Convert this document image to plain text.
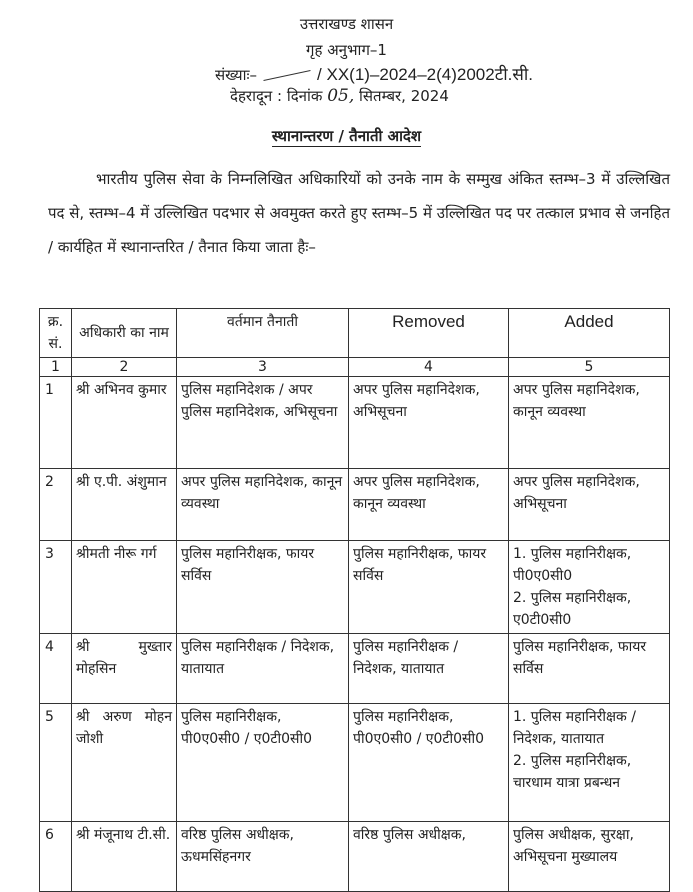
उत्तराखण्ड शासन
गृह अनुभाग–1
संख्याः–	/ XX(1)–2024–2(4)2002टी.सी.
देहरादून : दिनांक 05, सितम्बर, 2024
स्थानान्तरण / तैनाती आदेश
भारतीय पुलिस सेवा के निम्नलिखित अधिकारियों को उनके नाम के सम्मुख अंकित स्तम्भ–3 में उल्लिखित पद से, स्तम्भ–4 में उल्लिखित पदभार से अवमुक्त करते हुए स्तम्भ–5 में उल्लिखित पद पर तत्काल प्रभाव से जनहित / कार्यहित में स्थानान्तरित / तैनात किया जाता हैः–
क्र. सं.	अधिकारी का नाम	वर्तमान तैनाती	Removed	Added
1	2	3	4	5
1	श्री अभिनव कुमार	पुलिस महानिदेशक / अपर पुलिस महानिदेशक, अभिसूचना	अपर पुलिस महानिदेशक, अभिसूचना	अपर पुलिस महानिदेशक, कानून व्यवस्था
2	श्री ए.पी. अंशुमान	अपर पुलिस महानिदेशक, कानून व्यवस्था	अपर पुलिस महानिदेशक, कानून व्यवस्था	अपर पुलिस महानिदेशक, अभिसूचना
3	श्रीमती नीरू गर्ग	पुलिस महानिरीक्षक, फायर सर्विस	पुलिस महानिरीक्षक, फायर सर्विस	1. पुलिस महानिरीक्षक, पी0ए0सी0
2. पुलिस महानिरीक्षक, ए0टी0सी0

4	श्री मुख्तार मोहसिन	पुलिस महानिरीक्षक / निदेशक, यातायात	पुलिस महानिरीक्षक / निदेशक, यातायात	पुलिस महानिरीक्षक, फायर सर्विस
5	श्री अरुण मोहन जोशी	पुलिस महानिरीक्षक, पी0ए0सी0 / ए0टी0सी0	पुलिस महानिरीक्षक, पी0ए0सी0 / ए0टी0सी0	1. पुलिस महानिरीक्षक / निदेशक, यातायात
2. पुलिस महानिरीक्षक, चारधाम यात्रा प्रबन्धन

6	श्री मंजूनाथ टी.सी.	वरिष्ठ पुलिस अधीक्षक, ऊधमसिंहनगर	वरिष्ठ पुलिस अधीक्षक,	पुलिस अधीक्षक, सुरक्षा, अभिसूचना मुख्यालय
